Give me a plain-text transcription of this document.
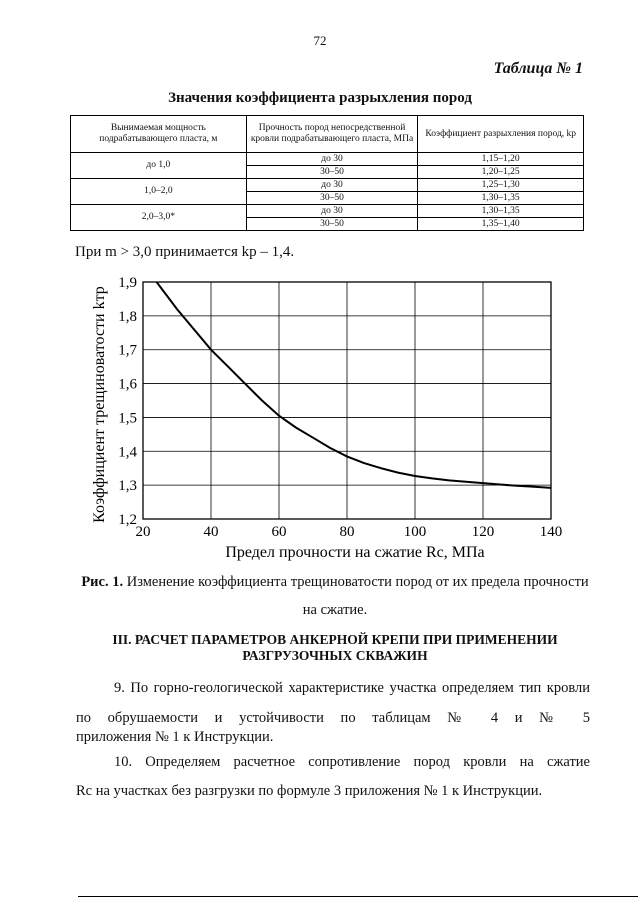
72
Таблица № 1
Значения коэффициента разрыхления пород
Вынимаемая мощность подрабатывающего пласта, м	Прочность пород непосредственной кровли подрабатывающего пласта, МПа	Коэффициент разрыхления пород, kр
до 1,0	до 30	1,15–1,20
	30–50	1,20–1,25
1,0–2,0	до 30	1,25–1,30
	30–50	1,30–1,35
2,0–3,0*	до 30	1,30–1,35
	30–50	1,35–1,40
При m > 3,0 принимается kр – 1,4.
20	40	60	80	100	120	140
1,2
1,3
1,4
1,5
1,6
1,7
1,8
1,9
Предел прочности на сжатие Rс, МПа
Коэффициент трещиноватости kтр
Рис. 1. Изменение коэффициента трещиноватости пород от их предела прочности на сжатие.
III. РАСЧЕТ ПАРАМЕТРОВ АНКЕРНОЙ КРЕПИ ПРИ ПРИМЕНЕНИИ РАЗГРУЗОЧНЫХ СКВАЖИН
9. По горно-геологической характеристике участка определяем тип кровли по обрушаемости и устойчивости по таблицам № 4 и № 5
приложения № 1 к Инструкции.
10. Определяем расчетное сопротивление пород кровли на сжатие
Rс на участках без разгрузки по формуле 3 приложения № 1 к Инструкции.
